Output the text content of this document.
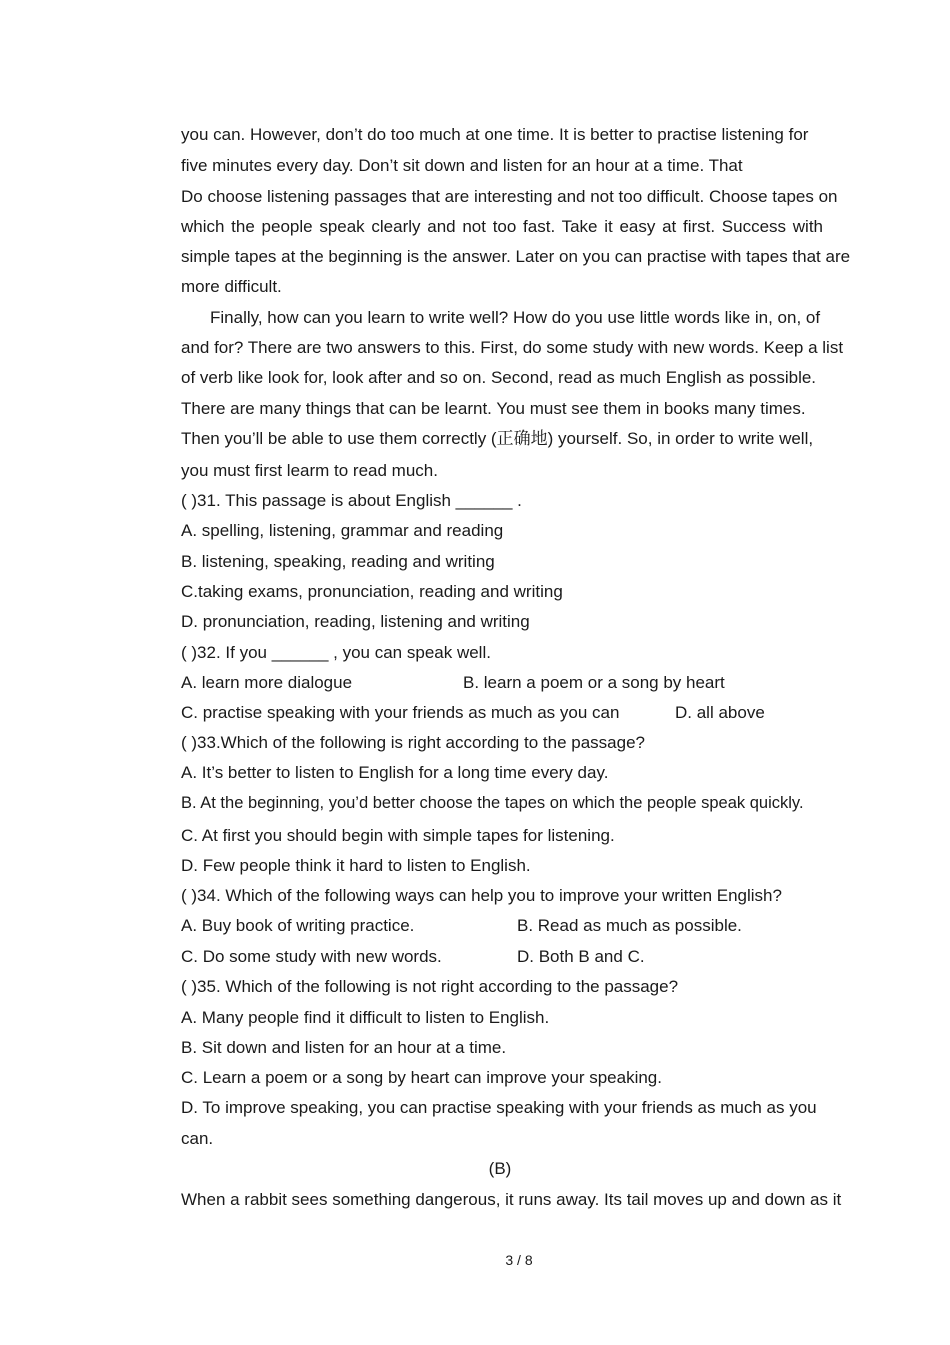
you can. However, don’t do too much at one time. It is better to practise listening for
five minutes every day. Don’t sit down and listen for an hour at a time. That
Do choose listening passages that are interesting and not too difficult. Choose tapes on
which the people speak clearly and not too fast. Take it easy at first. Success with
simple tapes at the beginning is the answer. Later on you can practise with tapes that are
more difficult.
Finally, how can you learn to write well? How do you use little words like in, on, of
and for? There are two answers to this. First, do some study with new words. Keep a list
of verb like look for, look after and so on. Second, read as much English as possible.
There are many things that can be learnt. You must see them in books many times.
Then you’ll be able to use them correctly (正确地) yourself. So, in order to write well,
you must first learm to read much.
( )31. This passage is about English ______ .
A. spelling, listening, grammar and reading
B. listening, speaking, reading and writing
C.taking exams, pronunciation, reading and writing
D. pronunciation, reading, listening and writing
( )32. If you ______ , you can speak well.
A. learn more dialogue	B. learn a poem or a song by heart
C. practise speaking with your friends as much as you can	D. all above
( )33.Which of the following is right according to the passage?
A. It’s better to listen to English for a long time every day.
B. At the beginning, you’d better choose the tapes on which the people speak quickly.
C. At first you should begin with simple tapes for listening.
D. Few people think it hard to listen to English.
( )34. Which of the following ways can help you to improve your written English?
A. Buy book of writing practice.	B. Read as much as possible.
C. Do some study with new words.	D. Both B and C.
( )35. Which of the following is not right according to the passage?
A. Many people find it difficult to listen to English.
B. Sit down and listen for an hour at a time.
C. Learn a poem or a song by heart can improve your speaking.
D. To improve speaking, you can practise speaking with your friends as much as you
can.
(B)
When a rabbit sees something dangerous, it runs away. Its tail moves up and down as it
3 / 8
